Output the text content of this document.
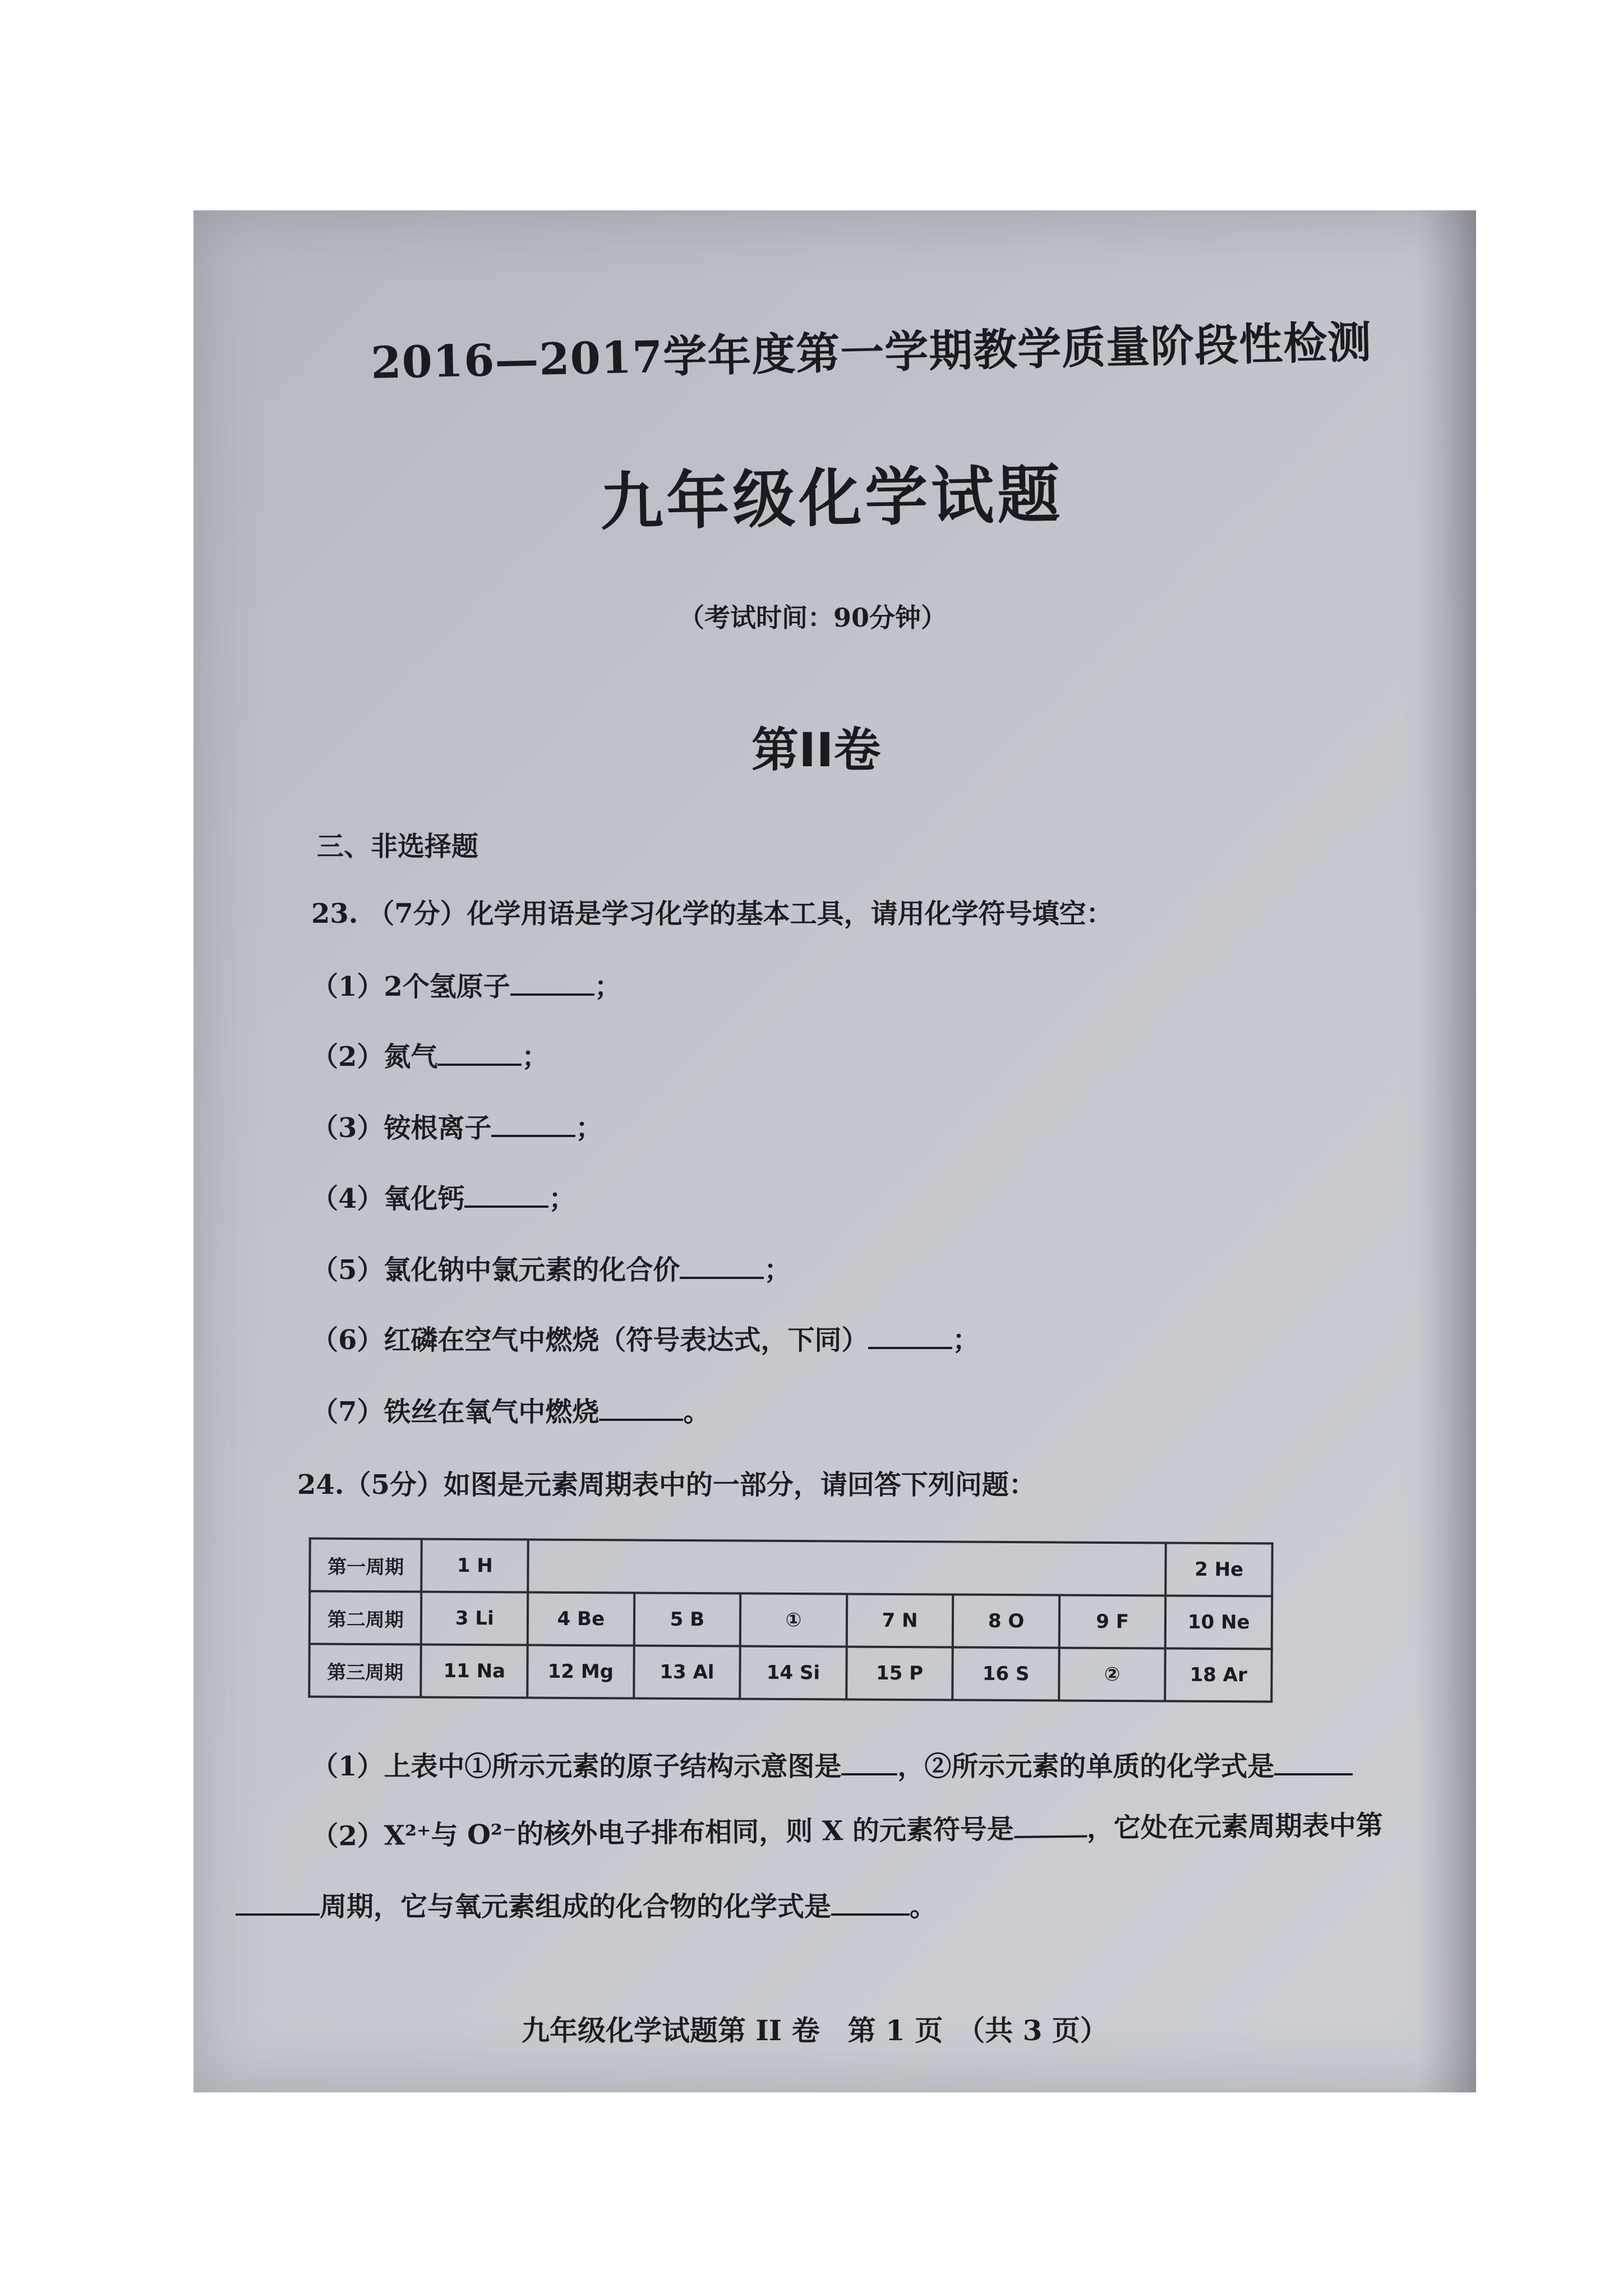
2016—2017学年度第一学期教学质量阶段性检测
九年级化学试题
（考试时间：90分钟）
第II卷
三、非选择题
23. （7分）化学用语是学习化学的基本工具，请用化学符号填空：
（1）2个氢原子	；
（2）氮气	；
（3）铵根离子	；
（4）氧化钙	；
（5）氯化钠中氯元素的化合价	；
（6）红磷在空气中燃烧（符号表达式，下同）	；
（7）铁丝在氧气中燃烧	。
24.（5分）如图是元素周期表中的一部分，请回答下列问题：
第一周期	1 H							2 He
第二周期	3 Li	4 Be	5 B	①	7 N	8 O	9 F	10 Ne
第三周期	11 Na	12 Mg	13 Al	14 Si	15 P	16 S	②	18 Ar
（1）上表中①所示元素的原子结构示意图是 ，②所示元素的单质的化学式是
（2）X²⁺与 O²⁻的核外电子排布相同，则 X 的元素符号是	，它处在元素周期表中第
周期，它与氧元素组成的化合物的化学式是	。
九年级化学试题第 II 卷　第 1 页　（共 3 页）
